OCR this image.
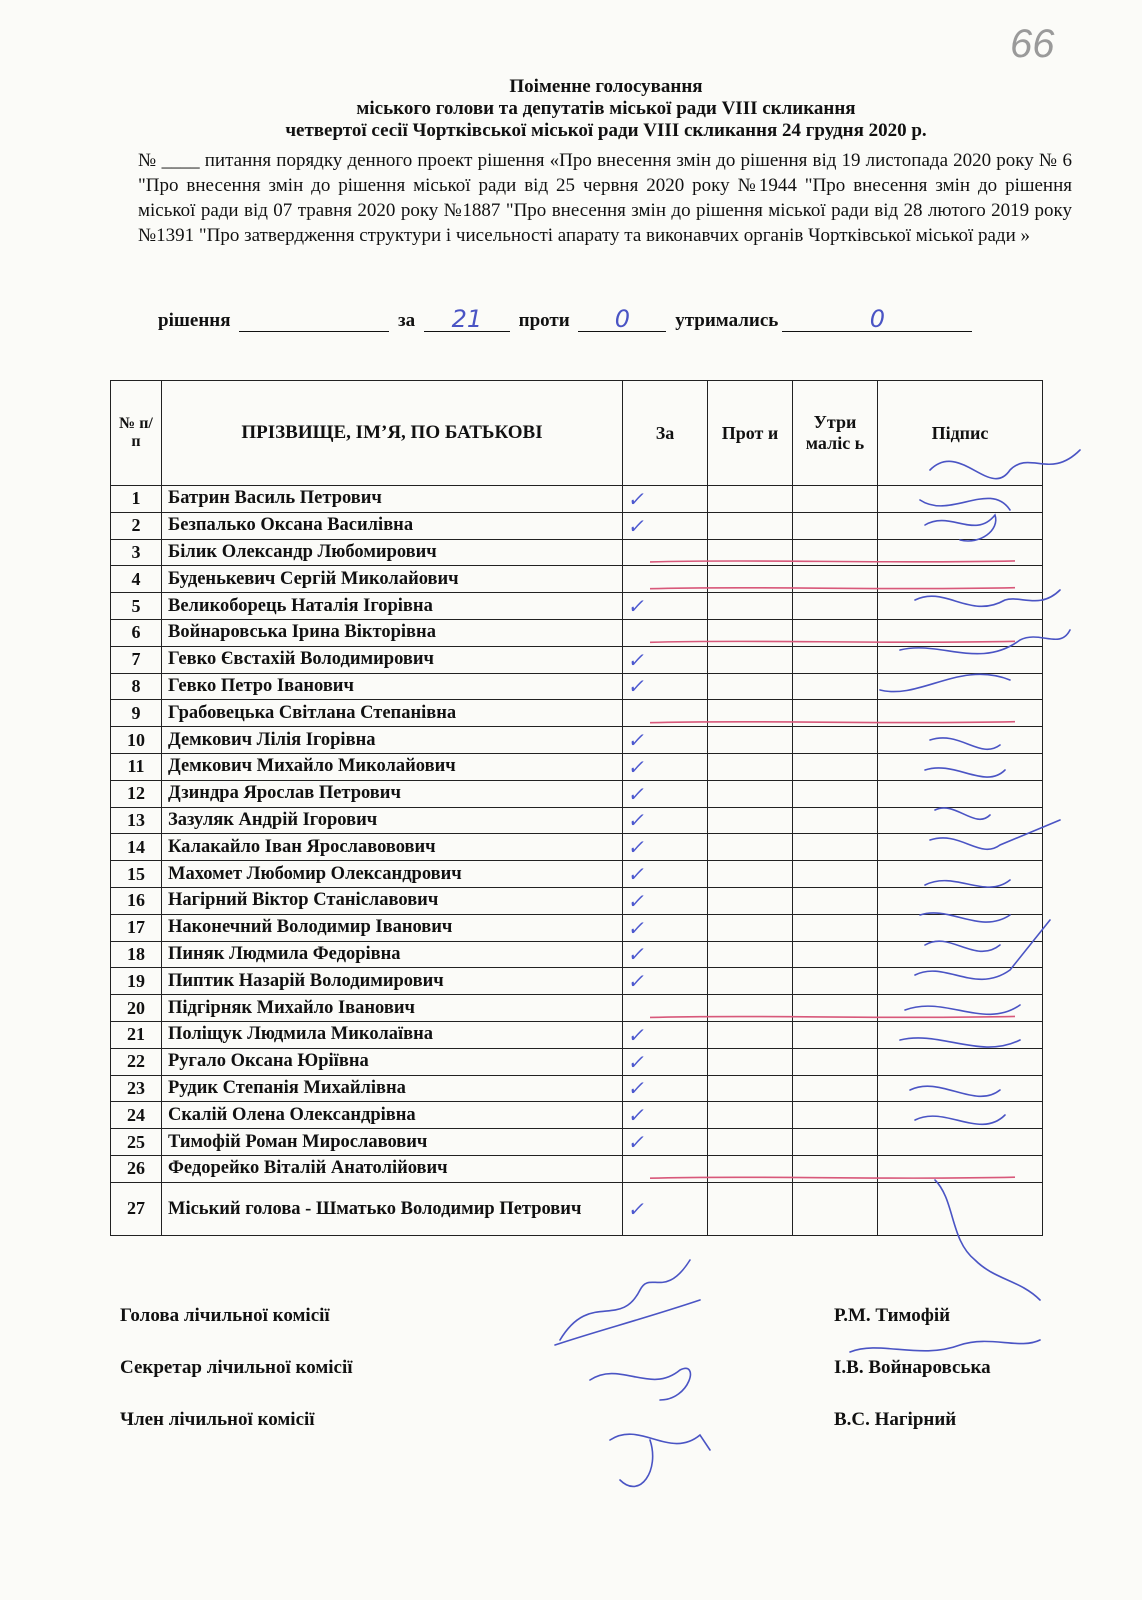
66
Поіменне голосування
міського голови та депутатів міської ради VIII скликання
четвертої сесії Чортківської міської ради VIII скликання 24 грудня 2020 р.
№ ____ питання порядку денного проект рішення «Про внесення змін до рішення від 19 листопада 2020 року № 6 "Про внесення змін до рішення міської ради від 25 червня 2020 року №1944 "Про внесення змін до рішення міської ради від 07 травня 2020 року №1887 "Про внесення змін до рішення міської ради від 28 лютого 2019 року №1391 "Про затвердження структури і чисельності апарату та виконавчих органів Чортківської міської ради »
рішення	за	21	проти	0	утримались	0
№ п/п	ПРІЗВИЩЕ, ІМ’Я, ПО БАТЬКОВІ	За	Прот и	Утри маліс ь	Підпис
1	Батрин Василь Петрович	✓			

2	Безпалько Оксана Василівна	✓			

3	Білик Олександр Любомирович				
4	Буденькевич Сергій Миколайович				
5	Великоборець Наталія Ігорівна	✓			

6	Войнаровська Ірина Вікторівна				
7	Гевко Євстахій Володимирович	✓			

8	Гевко Петро Іванович	✓			

9	Грабовецька Світлана Степанівна				
10	Демкович Лілія Ігорівна	✓			

11	Демкович Михайло Миколайович	✓			

12	Дзиндра Ярослав Петрович	✓			

13	Зазуляк Андрій Ігорович	✓			

14	Калакайло Іван Ярославовович	✓			

15	Махомет Любомир Олександрович	✓			

16	Нагірний Віктор Станіславович	✓			

17	Наконечний Володимир Іванович	✓			

18	Пиняк Людмила Федорівна	✓			

19	Пиптик Назарій Володимирович	✓			

20	Підгірняк Михайло Іванович				
21	Поліщук Людмила Миколаївна	✓			

22	Ругало Оксана Юріївна	✓			

23	Рудик Степанія Михайлівна	✓			

24	Скалій Олена Олександрівна	✓			

25	Тимофій Роман Мирославович	✓			

26	Федорейко Віталій Анатолійович				
27	Міський голова - Шматько Володимир Петрович	✓			

Голова лічильної комісії	Р.М. Тимофій
Секретар лічильної комісії	І.В. Войнаровська
Член лічильної комісії	В.С. Нагірний
